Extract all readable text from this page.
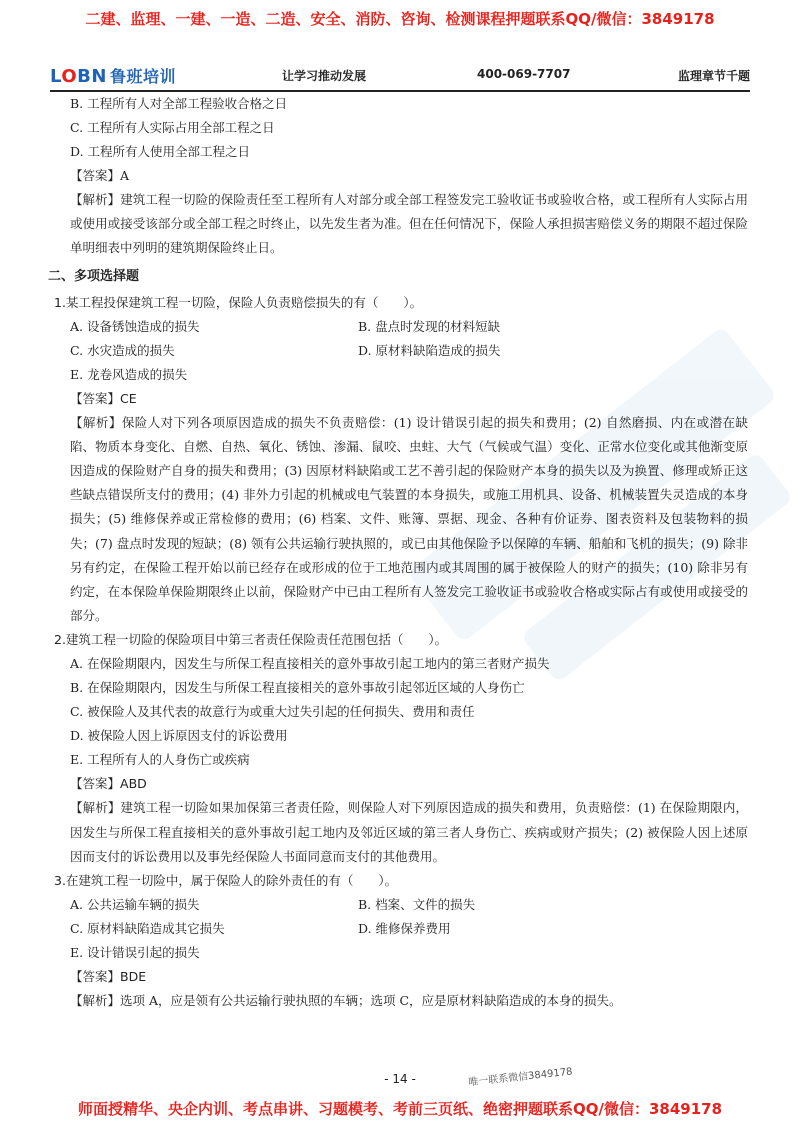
二建、监理、一建、一造、二造、安全、消防、咨询、检测课程押题联系QQ/微信：3849178
LOBN 鲁班培训	让学习推动发展	400-069-7707	监理章节千题
B. 工程所有人对全部工程验收合格之日
C. 工程所有人实际占用全部工程之日
D. 工程所有人使用全部工程之日
【答案】A
【解析】建筑工程一切险的保险责任至工程所有人对部分或全部工程签发完工验收证书或验收合格，或工程所有人实际占用或使用或接受该部分或全部工程之时终止，以先发生者为准。但在任何情况下，保险人承担损害赔偿义务的期限不超过保险单明细表中列明的建筑期保险终止日。
二、多项选择题
1.某工程投保建筑工程一切险，保险人负责赔偿损失的有（　　）。
A. 设备锈蚀造成的损失	B. 盘点时发现的材料短缺
C. 水灾造成的损失	D. 原材料缺陷造成的损失
E. 龙卷风造成的损失
【答案】CE
【解析】保险人对下列各项原因造成的损失不负责赔偿：(1) 设计错误引起的损失和费用；(2) 自然磨损、内在或潜在缺陷、物质本身变化、自燃、自热、氧化、锈蚀、渗漏、鼠咬、虫蛀、大气（气候或气温）变化、正常水位变化或其他渐变原因造成的保险财产自身的损失和费用；(3) 因原材料缺陷或工艺不善引起的保险财产本身的损失以及为换置、修理或矫正这些缺点错误所支付的费用；(4) 非外力引起的机械或电气装置的本身损失，或施工用机具、设备、机械装置失灵造成的本身损失；(5) 维修保养或正常检修的费用；(6) 档案、文件、账簿、票据、现金、各种有价证券、图表资料及包装物料的损失；(7) 盘点时发现的短缺；(8) 领有公共运输行驶执照的，或已由其他保险予以保障的车辆、船舶和飞机的损失；(9) 除非另有约定，在保险工程开始以前已经存在或形成的位于工地范围内或其周围的属于被保险人的财产的损失；(10) 除非另有约定，在本保险单保险期限终止以前，保险财产中已由工程所有人签发完工验收证书或验收合格或实际占有或使用或接受的部分。
2.建筑工程一切险的保险项目中第三者责任保险责任范围包括（　　）。
A. 在保险期限内，因发生与所保工程直接相关的意外事故引起工地内的第三者财产损失
B. 在保险期限内，因发生与所保工程直接相关的意外事故引起邻近区域的人身伤亡
C. 被保险人及其代表的故意行为或重大过失引起的任何损失、费用和责任
D. 被保险人因上诉原因支付的诉讼费用
E. 工程所有人的人身伤亡或疾病
【答案】ABD
【解析】建筑工程一切险如果加保第三者责任险，则保险人对下列原因造成的损失和费用，负责赔偿：(1) 在保险期限内，因发生与所保工程直接相关的意外事故引起工地内及邻近区域的第三者人身伤亡、疾病或财产损失；(2) 被保险人因上述原因而支付的诉讼费用以及事先经保险人书面同意而支付的其他费用。
3.在建筑工程一切险中，属于保险人的除外责任的有（　　）。
A. 公共运输车辆的损失	B. 档案、文件的损失
C. 原材料缺陷造成其它损失	D. 维修保养费用
E. 设计错误引起的损失
【答案】BDE
【解析】选项 A，应是领有公共运输行驶执照的车辆；选项 C，应是原材料缺陷造成的本身的损失。
- 14 -	唯一联系微信3849178
师面授精华、央企内训、考点串讲、习题模考、考前三页纸、绝密押题联系QQ/微信：3849178
